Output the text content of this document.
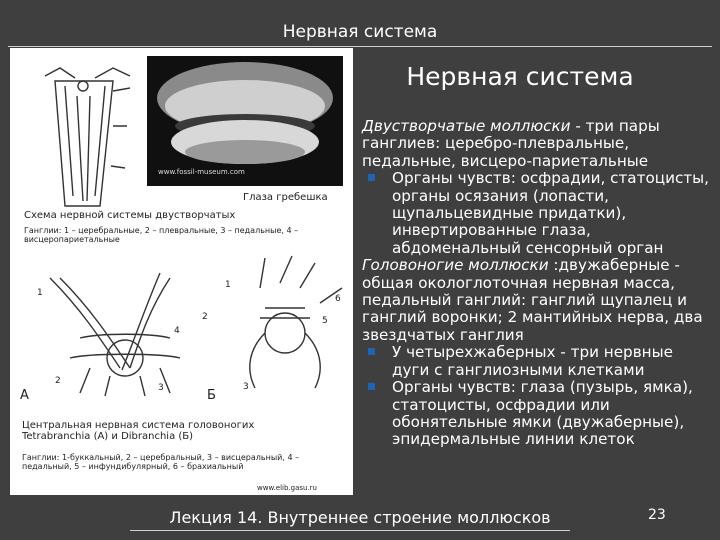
Нервная система
www.fossil-museum.com
Глаза гребешка
Схема нервной системы двустворчатых
Ганглии: 1 – церебральные, 2 – плевральные, 3 – педальные, 4 – висцеропариетальные
А	Б
1
2
3
4
1
2
3
5
6
Центральная нервная система головоногих Tetrabranchia (А) и Dibranchia (Б)
Ганглии: 1-буккальный, 2 – церебральный, 3 – висцеральный, 4 – педальный, 5 – инфундибулярный, 6 – брахиальный
www.elib.gasu.ru
Нервная система

Двустворчатые моллюски - три пары ганглиев: церебро-плевральные, педальные, висцеро-париетальные

Органы чувств: осфрадии, статоцисты, органы осязания (лопасти, щупальцевидные придатки), инвертированные глаза, абдоменальный сенсорный орган

Головоногие моллюски :двужаберные - общая окологлоточная нервная масса, педальный ганглий: ганглий щупалец и ганглий воронки; 2 мантийных нерва, два звездчатых ганглия

У четырехжаберных - три нервные дуги с ганглиозными клетками

Органы чувств: глаза (пузырь, ямка), статоцисты, осфрадии или обонятельные ямки (двужаберные), эпидермальные линии клеток

Лекция 14. Внутреннее строение моллюсков	23
